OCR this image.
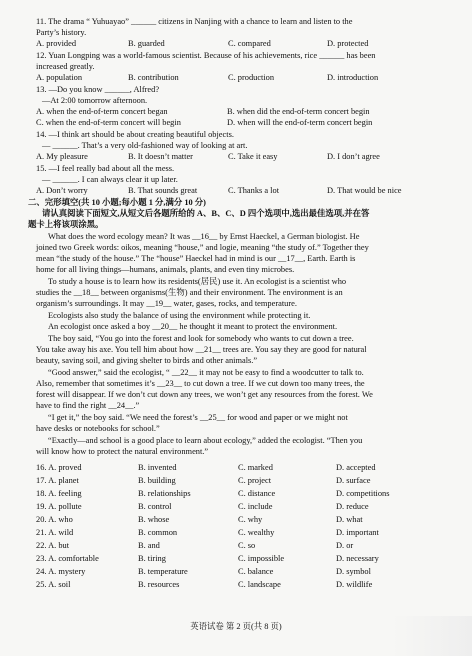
11. The drama “ Yuhuayao” ______ citizens in Nanjing with a chance to learn and listen to the
Party’s history.
A. provided	B. guarded	C. compared	D. protected
12. Yuan Longping was a world-famous scientist. Because of his achievements, rice ______ has been
increased greatly.
A. population	B. contribution	C. production	D. introduction
13. —Do you know ______, Alfred?
—At 2:00 tomorrow afternoon.
A. when the end-of-term concert began	B. when did the end-of-term concert begin
C. when the end-of-term concert will begin	D. when will the end-of-term concert begin
14. —I think art should be about creating beautiful objects.
— ______. That’s a very old-fashioned way of looking at art.
A. My pleasure	B. It doesn’t matter	C. Take it easy	D. I don’t agree
15. —I feel really bad about all the mess.
— ______. I can always clear it up later.
A. Don’t worry	B. That sounds great	C. Thanks a lot	D. That would be nice
二、完形填空(共 10 小题;每小题 1 分,满分 10 分)
请认真阅读下面短文,从短文后各题所给的 A、B、C、D 四个选项中,选出最佳选项,并在答
题卡上将该项涂黑。
What does the word ecology mean? It was __16__ by Ernst Haeckel, a German biologist. He
joined two Greek words: oikos, meaning “house,” and logie, meaning “the study of.” Together they
mean “the study of the house.” The “house” Haeckel had in mind is our __17__, Earth. Earth is
home for all living things—humans, animals, plants, and even tiny microbes.
To study a house is to learn how its residents(居民) use it. An ecologist is a scientist who
studies the __18__ between organisms(生物) and their environment. The environment is an
organism’s surroundings. It may __19__ water, gases, rocks, and temperature.
Ecologists also study the balance of using the environment while protecting it.
An ecologist once asked a boy __20__ he thought it meant to protect the environment.
The boy said, “You go into the forest and look for somebody who wants to cut down a tree.
You take away his axe. You tell him about how __21__ trees are. You say they are good for natural
beauty, saving soil, and giving shelter to birds and other animals.”
“Good answer,” said the ecologist, “ __22__ it may not be easy to find a woodcutter to talk to.
Also, remember that sometimes it’s __23__ to cut down a tree. If we cut down too many trees, the
forest will disappear. If we don’t cut down any trees, we won’t get any resources from the forest. We
have to find the right __24__.”
“I get it,” the boy said. “We need the forest’s __25__ for wood and paper or we might not
have desks or notebooks for school.”
“Exactly—and school is a good place to learn about ecology,” added the ecologist. “Then you
will know how to protect the natural environment.”
16. A. proved	B. invented	C. marked	D. accepted
17. A. planet	B. building	C. project	D. surface
18. A. feeling	B. relationships	C. distance	D. competitions
19. A. pollute	B. control	C. include	D. reduce
20. A. who	B. whose	C. why	D. what
21. A. wild	B. common	C. wealthy	D. important
22. A. but	B. and	C. so	D. or
23. A. comfortable	B. tiring	C. impossible	D. necessary
24. A. mystery	B. temperature	C. balance	D. symbol
25. A. soil	B. resources	C. landscape	D. wildlife
英语试卷 第 2 页(共 8 页)
